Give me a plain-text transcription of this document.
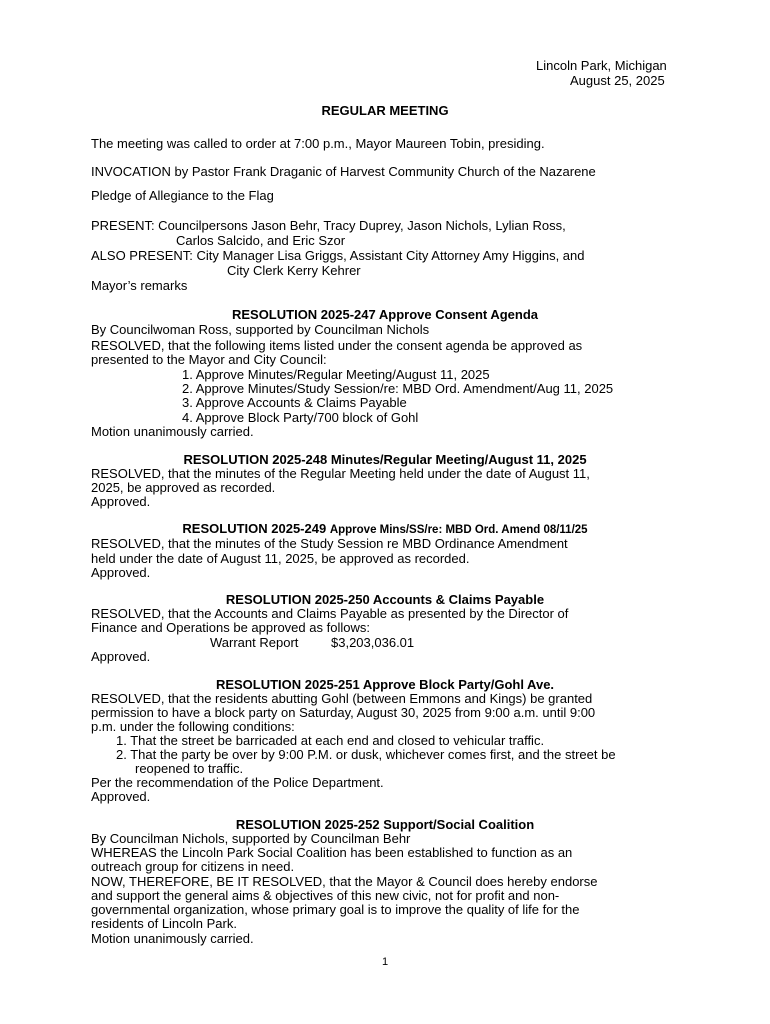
Lincoln Park, Michigan
August 25, 2025
REGULAR MEETING
The meeting was called to order at 7:00 p.m., Mayor Maureen Tobin, presiding.
INVOCATION by Pastor Frank Draganic of Harvest Community Church of the Nazarene
Pledge of Allegiance to the Flag
PRESENT: Councilpersons Jason Behr, Tracy Duprey, Jason Nichols, Lylian Ross,
Carlos Salcido, and Eric Szor
ALSO PRESENT: City Manager Lisa Griggs, Assistant City Attorney Amy Higgins, and
City Clerk Kerry Kehrer
Mayor’s remarks
RESOLUTION 2025-247 Approve Consent Agenda
By Councilwoman Ross, supported by Councilman Nichols
RESOLVED, that the following items listed under the consent agenda be approved as
presented to the Mayor and City Council:
1. Approve Minutes/Regular Meeting/August 11, 2025
2. Approve Minutes/Study Session/re: MBD Ord. Amendment/Aug 11, 2025
3. Approve Accounts & Claims Payable
4. Approve Block Party/700 block of Gohl
Motion unanimously carried.
RESOLUTION 2025-248 Minutes/Regular Meeting/August 11, 2025
RESOLVED, that the minutes of the Regular Meeting held under the date of August 11,
2025, be approved as recorded.
Approved.
RESOLUTION 2025-249 Approve Mins/SS/re: MBD Ord. Amend 08/11/25
RESOLVED, that the minutes of the Study Session re MBD Ordinance Amendment
held under the date of August 11, 2025, be approved as recorded.
Approved.
RESOLUTION 2025-250 Accounts & Claims Payable
RESOLVED, that the Accounts and Claims Payable as presented by the Director of
Finance and Operations be approved as follows:
Warrant Report	$3,203,036.01
Approved.
RESOLUTION 2025-251 Approve Block Party/Gohl Ave.
RESOLVED, that the residents abutting Gohl (between Emmons and Kings) be granted
permission to have a block party on Saturday, August 30, 2025 from 9:00 a.m. until 9:00
p.m. under the following conditions:
1. That the street be barricaded at each end and closed to vehicular traffic.
2. That the party be over by 9:00 P.M. or dusk, whichever comes first, and the street be
reopened to traffic.
Per the recommendation of the Police Department.
Approved.
RESOLUTION 2025-252 Support/Social Coalition
By Councilman Nichols, supported by Councilman Behr
WHEREAS the Lincoln Park Social Coalition has been established to function as an
outreach group for citizens in need.
NOW, THEREFORE, BE IT RESOLVED, that the Mayor & Council does hereby endorse
and support the general aims & objectives of this new civic, not for profit and non-
governmental organization, whose primary goal is to improve the quality of life for the
residents of Lincoln Park.
Motion unanimously carried.
1
